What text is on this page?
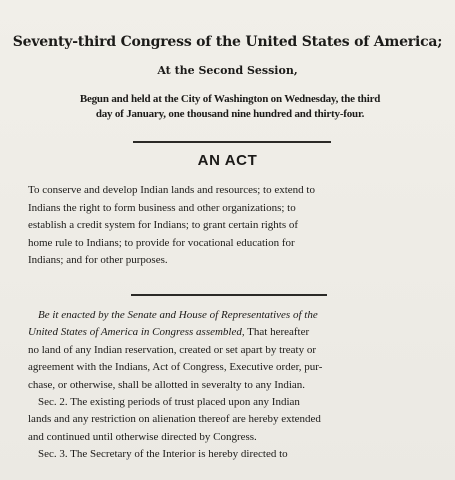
Seventy-third Congress of the United States of America;
At the Second Session,
Begun and held at the City of Washington on Wednesday, the third
day of January, one thousand nine hundred and thirty-four.
AN ACT
To conserve and develop Indian lands and resources; to extend to
Indians the right to form business and other organizations; to
establish a credit system for Indians; to grant certain rights of
home rule to Indians; to provide for vocational education for
Indians; and for other purposes.
Be it enacted by the Senate and House of Representatives of the
United States of America in Congress assembled, That hereafter
no land of any Indian reservation, created or set apart by treaty or
agreement with the Indians, Act of Congress, Executive order, pur-
chase, or otherwise, shall be allotted in severalty to any Indian.
Sec. 2. The existing periods of trust placed upon any Indian
lands and any restriction on alienation thereof are hereby extended
and continued until otherwise directed by Congress.
Sec. 3. The Secretary of the Interior is hereby directed to
